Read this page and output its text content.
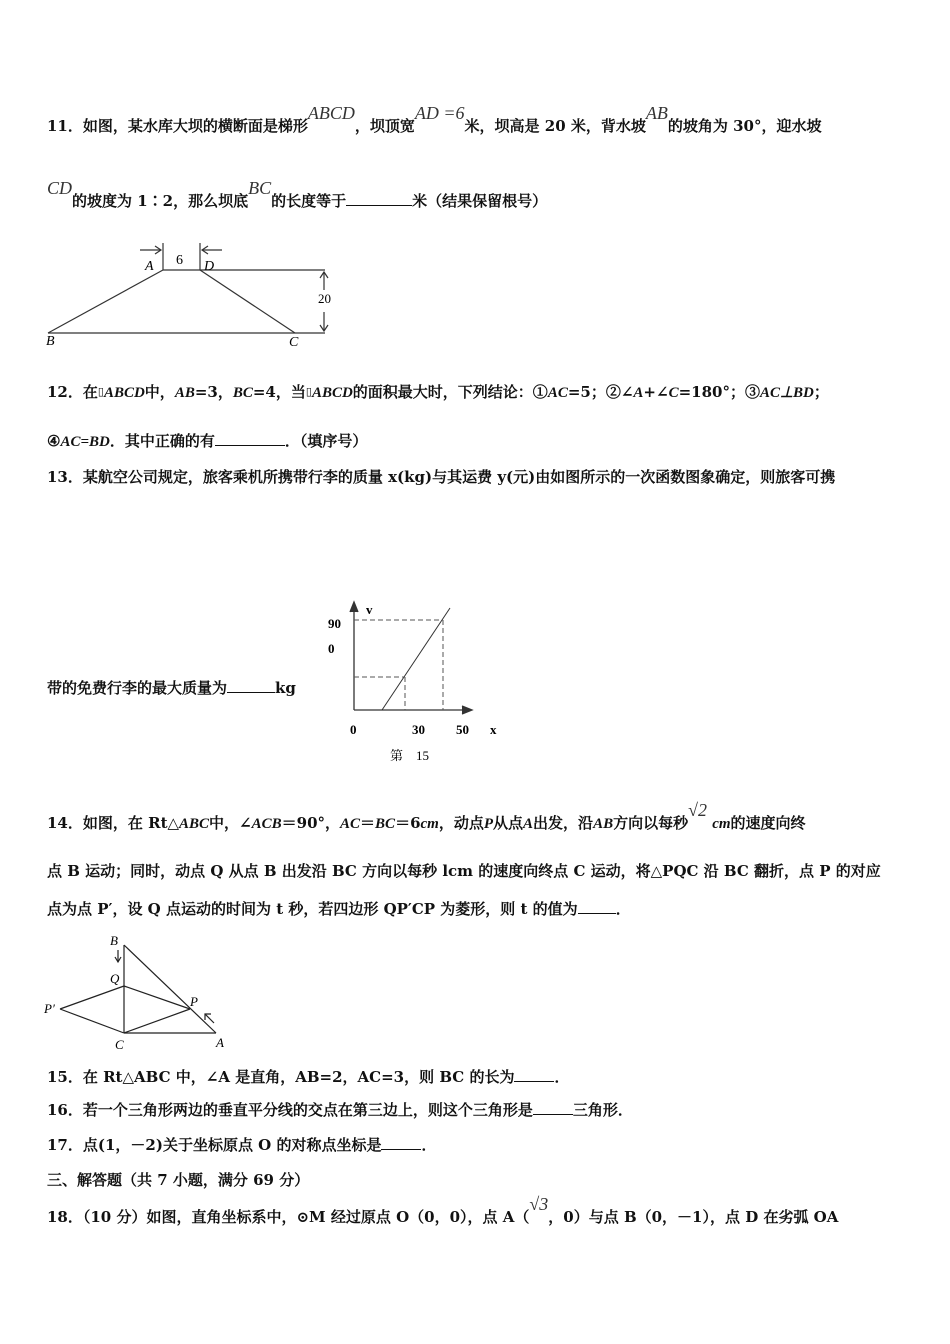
11．如图，某水库大坝的横断面是梯形ABCD，坝顶宽AD =6米，坝高是 20 米，背水坡AB的坡角为 30°，迎水坡
CD的坡度为 1∶2，那么坝底BC的长度等于	米（结果保留根号）
A 6 D
20
B	C
12．在▯ABCD中，AB=3，BC=4，当▯ABCD的面积最大时，下列结论：①AC=5；②∠A+∠C=180°；③AC⊥BD；
④AC=BD．其中正确的有	．（填序号）
13．某航空公司规定，旅客乘机所携带行李的质量 x(kg)与其运费 y(元)由如图所示的一次函数图象确定，则旅客可携
带的免费行李的最大质量为	kg
v
90
0
0	30 50 x
第　15
14．如图，在 Rt△ABC中，∠ACB＝90°，AC＝BC＝6cm，动点P从点A出发，沿AB方向以每秒√2 cm的速度向终
点 B 运动；同时，动点 Q 从点 B 出发沿 BC 方向以每秒 lcm 的速度向终点 C 运动，将△PQC 沿 BC 翻折，点 P 的对应
点为点 P′，设 Q 点运动的时间为 t 秒，若四边形 QP′CP 为菱形，则 t 的值为	．
B
Q
P′	P
C	A
15．在 Rt△ABC 中，∠A 是直角，AB=2，AC=3，则 BC 的长为	．
16．若一个三角形两边的垂直平分线的交点在第三边上，则这个三角形是	三角形．
17．点(1，－2)关于坐标原点 O 的对称点坐标是	．
三、解答题（共 7 小题，满分 69 分）
18．（10 分）如图，直角坐标系中，⊙M 经过原点 O（0，0），点 A（√3，0）与点 B（0，－1），点 D 在劣弧 OA
